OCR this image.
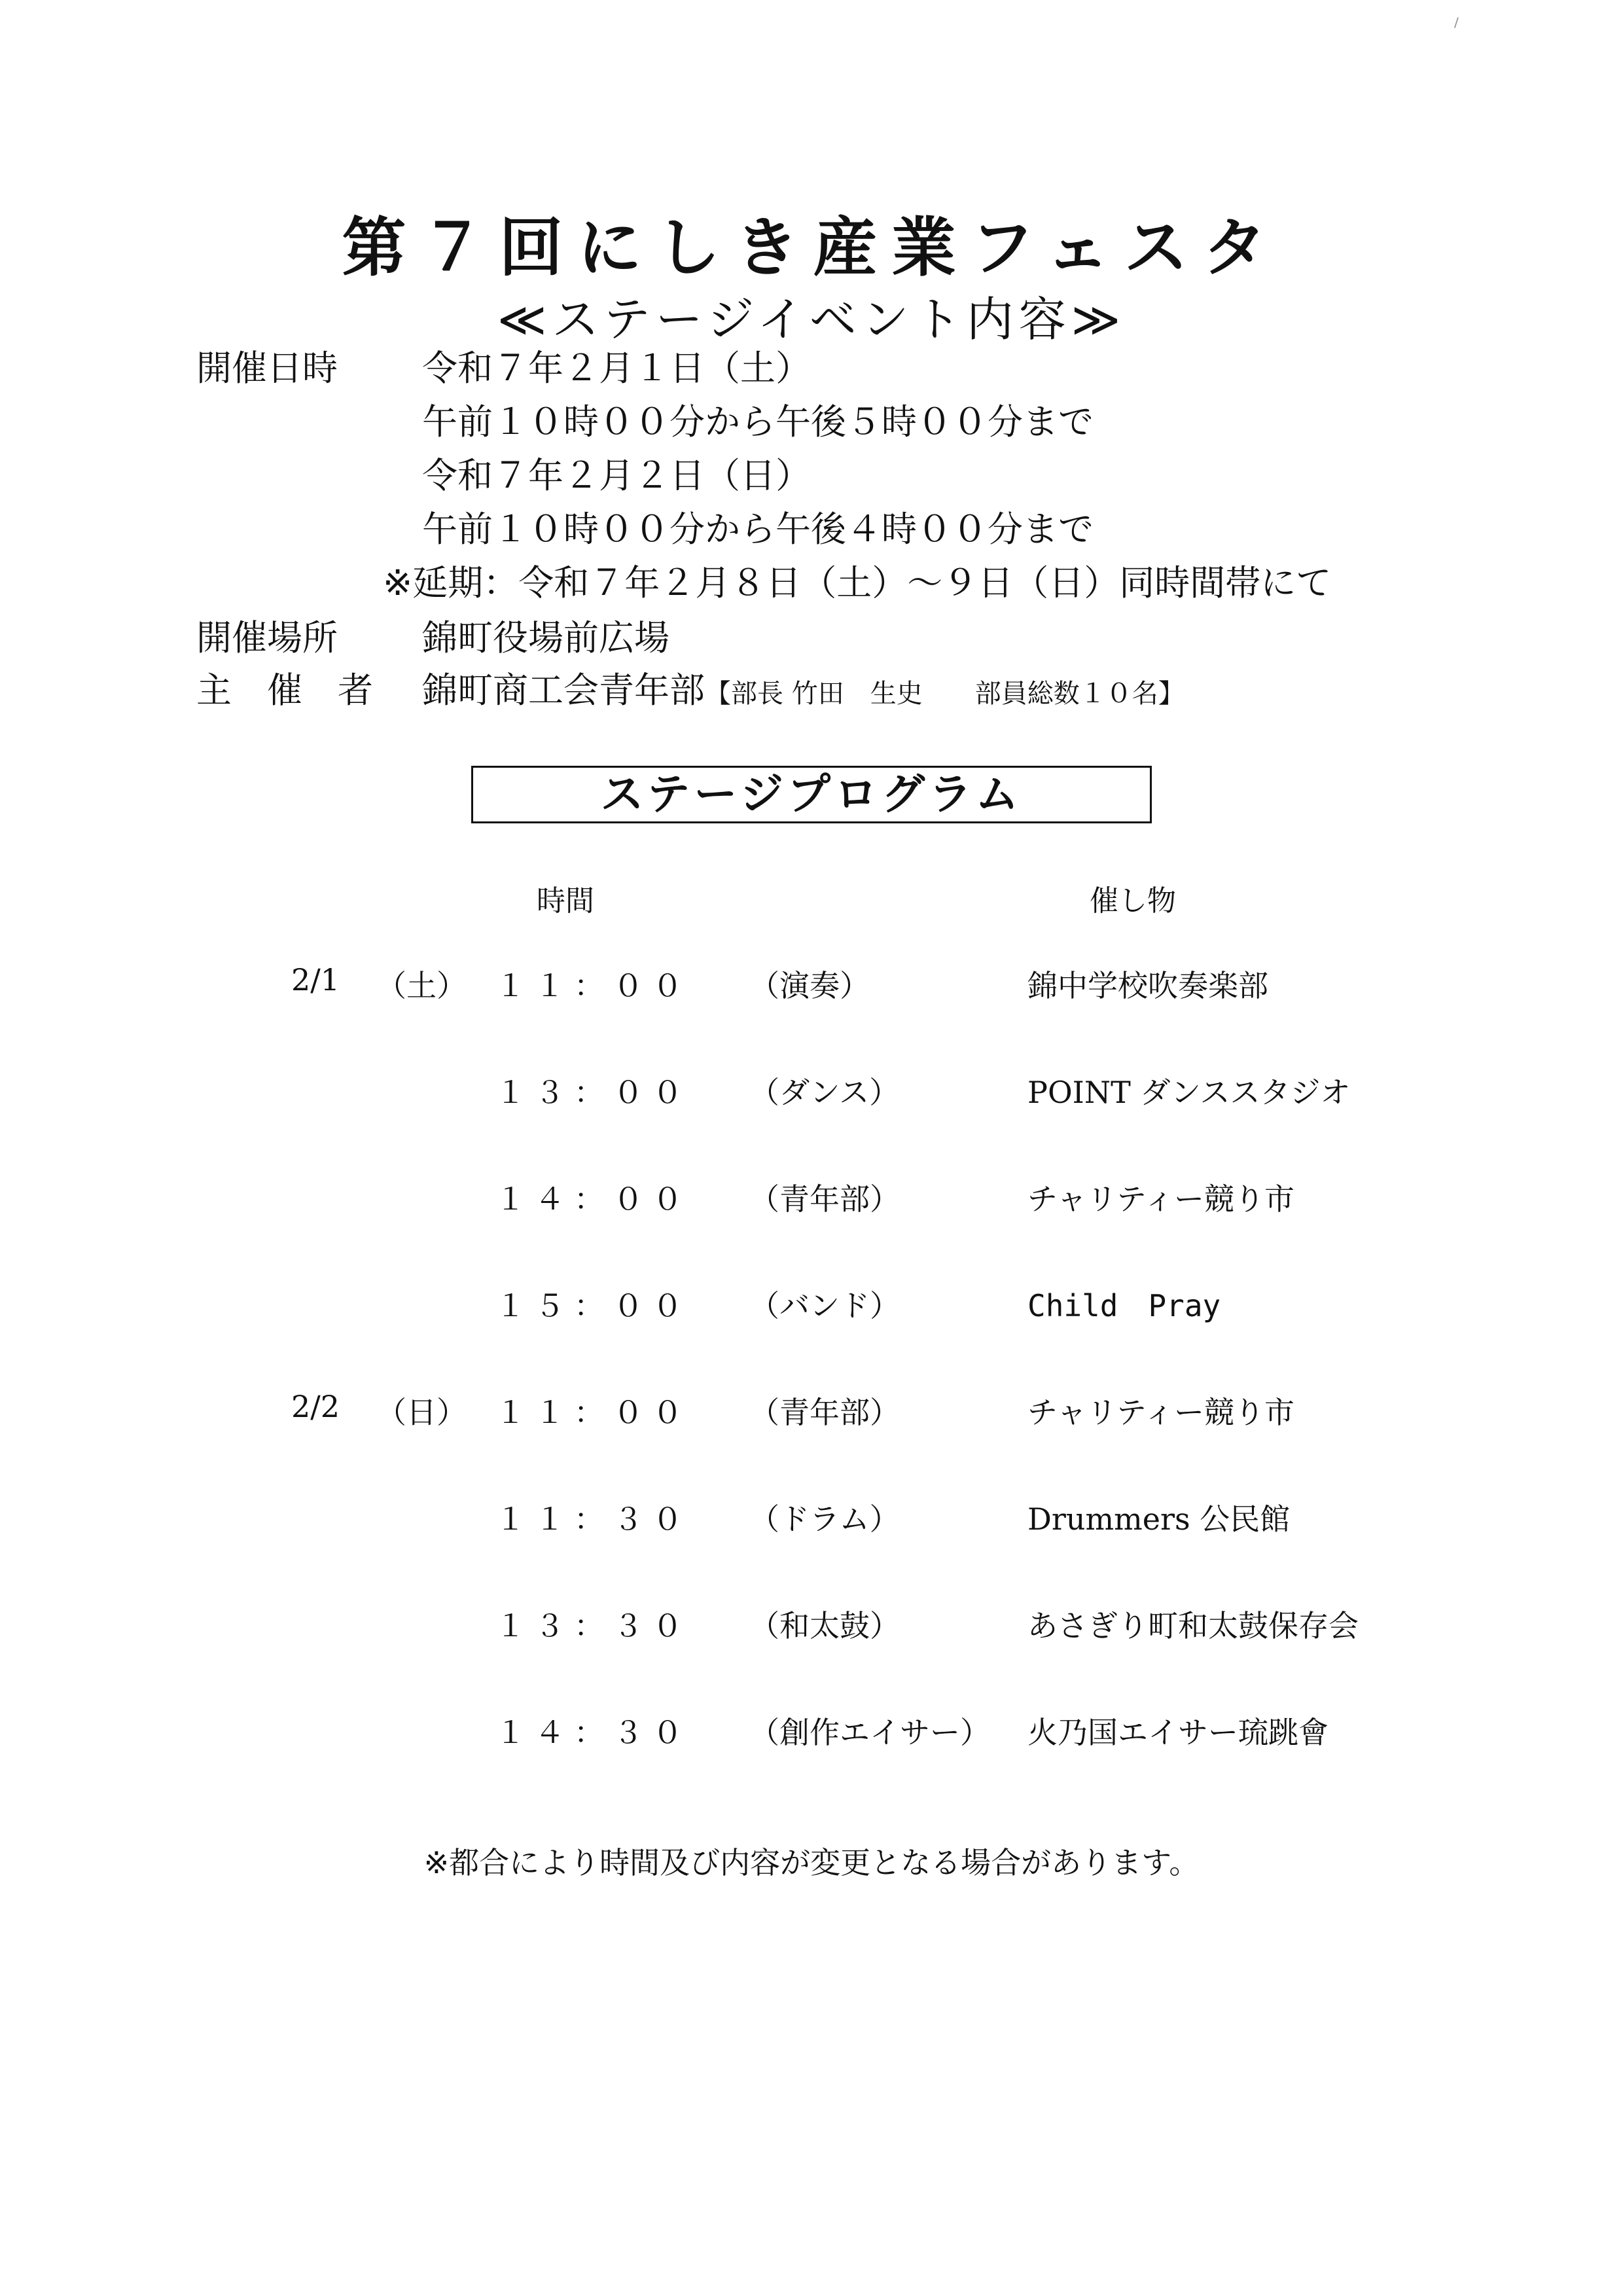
第７回にしき産業フェスタ
≪ステージイベント内容≫
開催日時 令和７年２月１日（土）
午前１０時００分から午後５時００分まで
令和７年２月２日（日）
午前１０時００分から午後４時００分まで
※延期：令和７年２月８日（土）～９日（日）同時間帯にて
開催場所 錦町役場前広場
主　催　者 錦町商工会青年部【部長 竹田　生史　　部員総数１０名】
ステージプログラム
時間	催し物
2/1 （土） １１：００ （演奏）	錦中学校吹奏楽部
１３：００ （ダンス）	POINT ダンススタジオ
１４：００ （青年部）	チャリティー競り市
１５：００ （バンド）	Child　Pray
2/2 （日） １１：００ （青年部）	チャリティー競り市
１１：３０ （ドラム）	Drummers 公民館
１３：３０ （和太鼓）	あさぎり町和太鼓保存会
１４：３０ （創作エイサー） 火乃国エイサー琉跳會
※都合により時間及び内容が変更となる場合があります。
/
